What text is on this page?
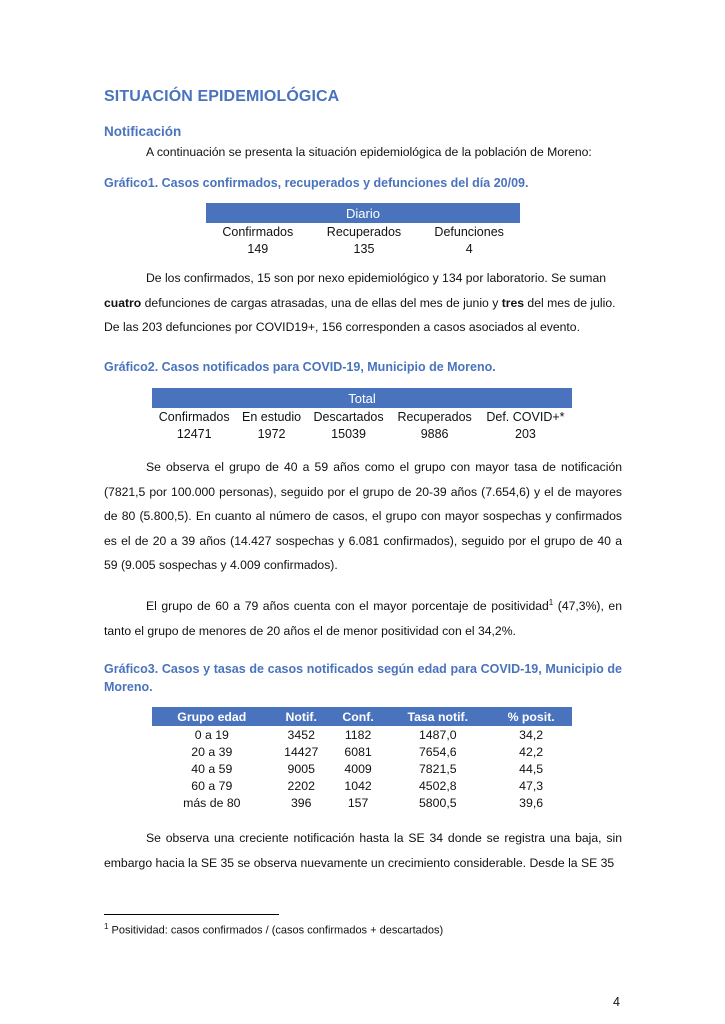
SITUACIÓN EPIDEMIOLÓGICA
Notificación

A continuación se presenta la situación epidemiológica de la población de Moreno:

Gráfico1. Casos confirmados, recuperados y defunciones del día 20/09.
Diario		
Confirmados	Recuperados	Defunciones
149	135	4

De los confirmados, 15 son por nexo epidemiológico y 134 por laboratorio. Se suman
cuatro defunciones de cargas atrasadas, una de ellas del mes de junio y tres del mes de julio.
De las 203 defunciones por COVID19+, 156 corresponden a casos asociados al evento.

Gráfico2. Casos notificados para COVID-19, Municipio de Moreno.
Total				
Confirmados	En estudio	Descartados	Recuperados	Def. COVID+*
12471	1972	15039	9886	203

Se observa el grupo de 40 a 59 años como el grupo con mayor tasa de notificación (7821,5 por 100.000 personas), seguido por el grupo de 20-39 años (7.654,6) y el de mayores de 80 (5.800,5). En cuanto al número de casos, el grupo con mayor sospechas y confirmados es el de 20 a 39 años (14.427 sospechas y 6.081 confirmados), seguido por el grupo de 40 a 59 (9.005 sospechas y 4.009 confirmados).

El grupo de 60 a 79 años cuenta con el mayor porcentaje de positividad$^1$ (47,3%), en tanto el grupo de menores de 20 años el de menor positividad con el 34,2%.

Gráfico3. Casos y tasas de casos notificados según edad para COVID-19, Municipio de Moreno.
Grupo edad	Notif.	Conf.	Tasa notif.	% posit.
0 a 19	3452	1182	1487,0	34,2
20 a 39	14427	6081	7654,6	42,2
40 a 59	9005	4009	7821,5	44,5
60 a 79	2202	1042	4502,8	47,3
más de 80	396	157	5800,5	39,6

Se observa una creciente notificación hasta la SE 34 donde se registra una baja, sin embargo hacia la SE 35 se observa nuevamente un crecimiento considerable. Desde la SE 35

$^1$ Positividad: casos confirmados / (casos confirmados + descartados)
4
